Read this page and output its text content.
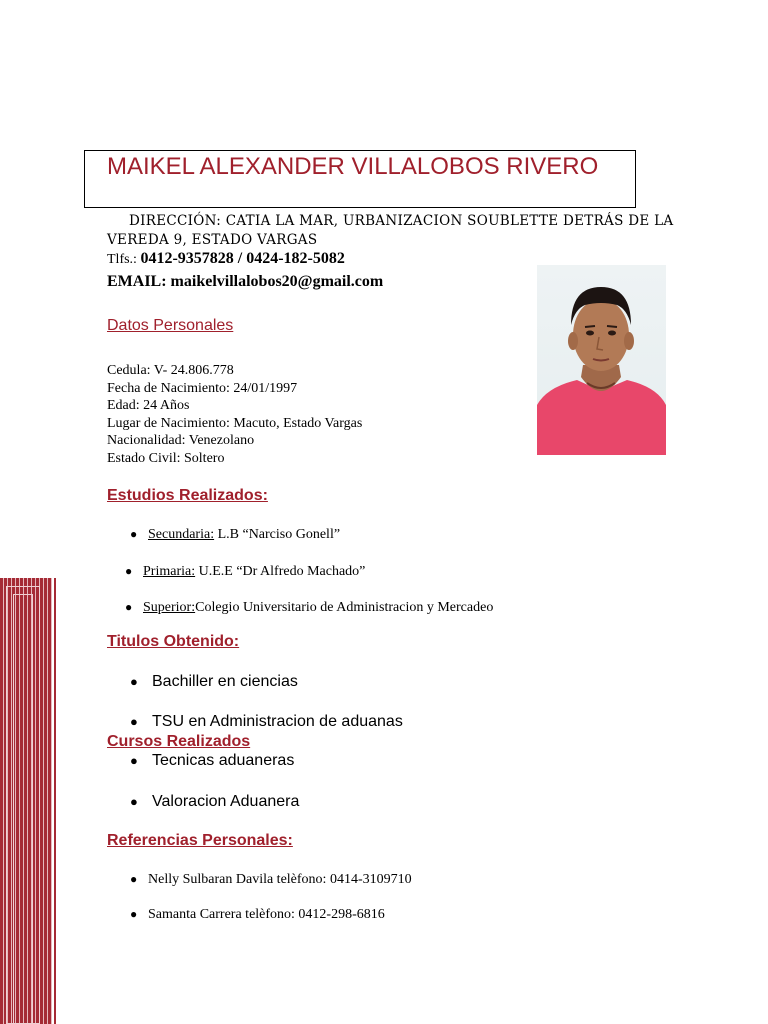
MAIKEL ALEXANDER VILLALOBOS RIVERO
DIRECCIÓN: CATIA LA MAR, URBANIZACION SOUBLETTE DETRÁS DE LA VEREDA 9, ESTADO VARGAS
Tlfs.: 0412-9357828 / 0424-182-5082
EMAIL: maikelvillalobos20@gmail.com
Datos Personales
Cedula: V- 24.806.778
Fecha de Nacimiento: 24/01/1997
Edad: 24 Años
Lugar de Nacimiento: Macuto, Estado Vargas
Nacionalidad: Venezolano
Estado Civil: Soltero
Estudios Realizados:
● Secundaria: L.B “Narciso Gonell”
● Primaria: U.E.E “Dr Alfredo Machado”
● Superior:Colegio Universitario de Administracion y Mercadeo
Titulos Obtenido:
● Bachiller en ciencias
● TSU en Administracion de aduanas
Cursos Realizados
● Tecnicas aduaneras
● Valoracion Aduanera
Referencias Personales:
● Nelly Sulbaran Davila telèfono: 0414-3109710
● Samanta Carrera telèfono: 0412-298-6816
